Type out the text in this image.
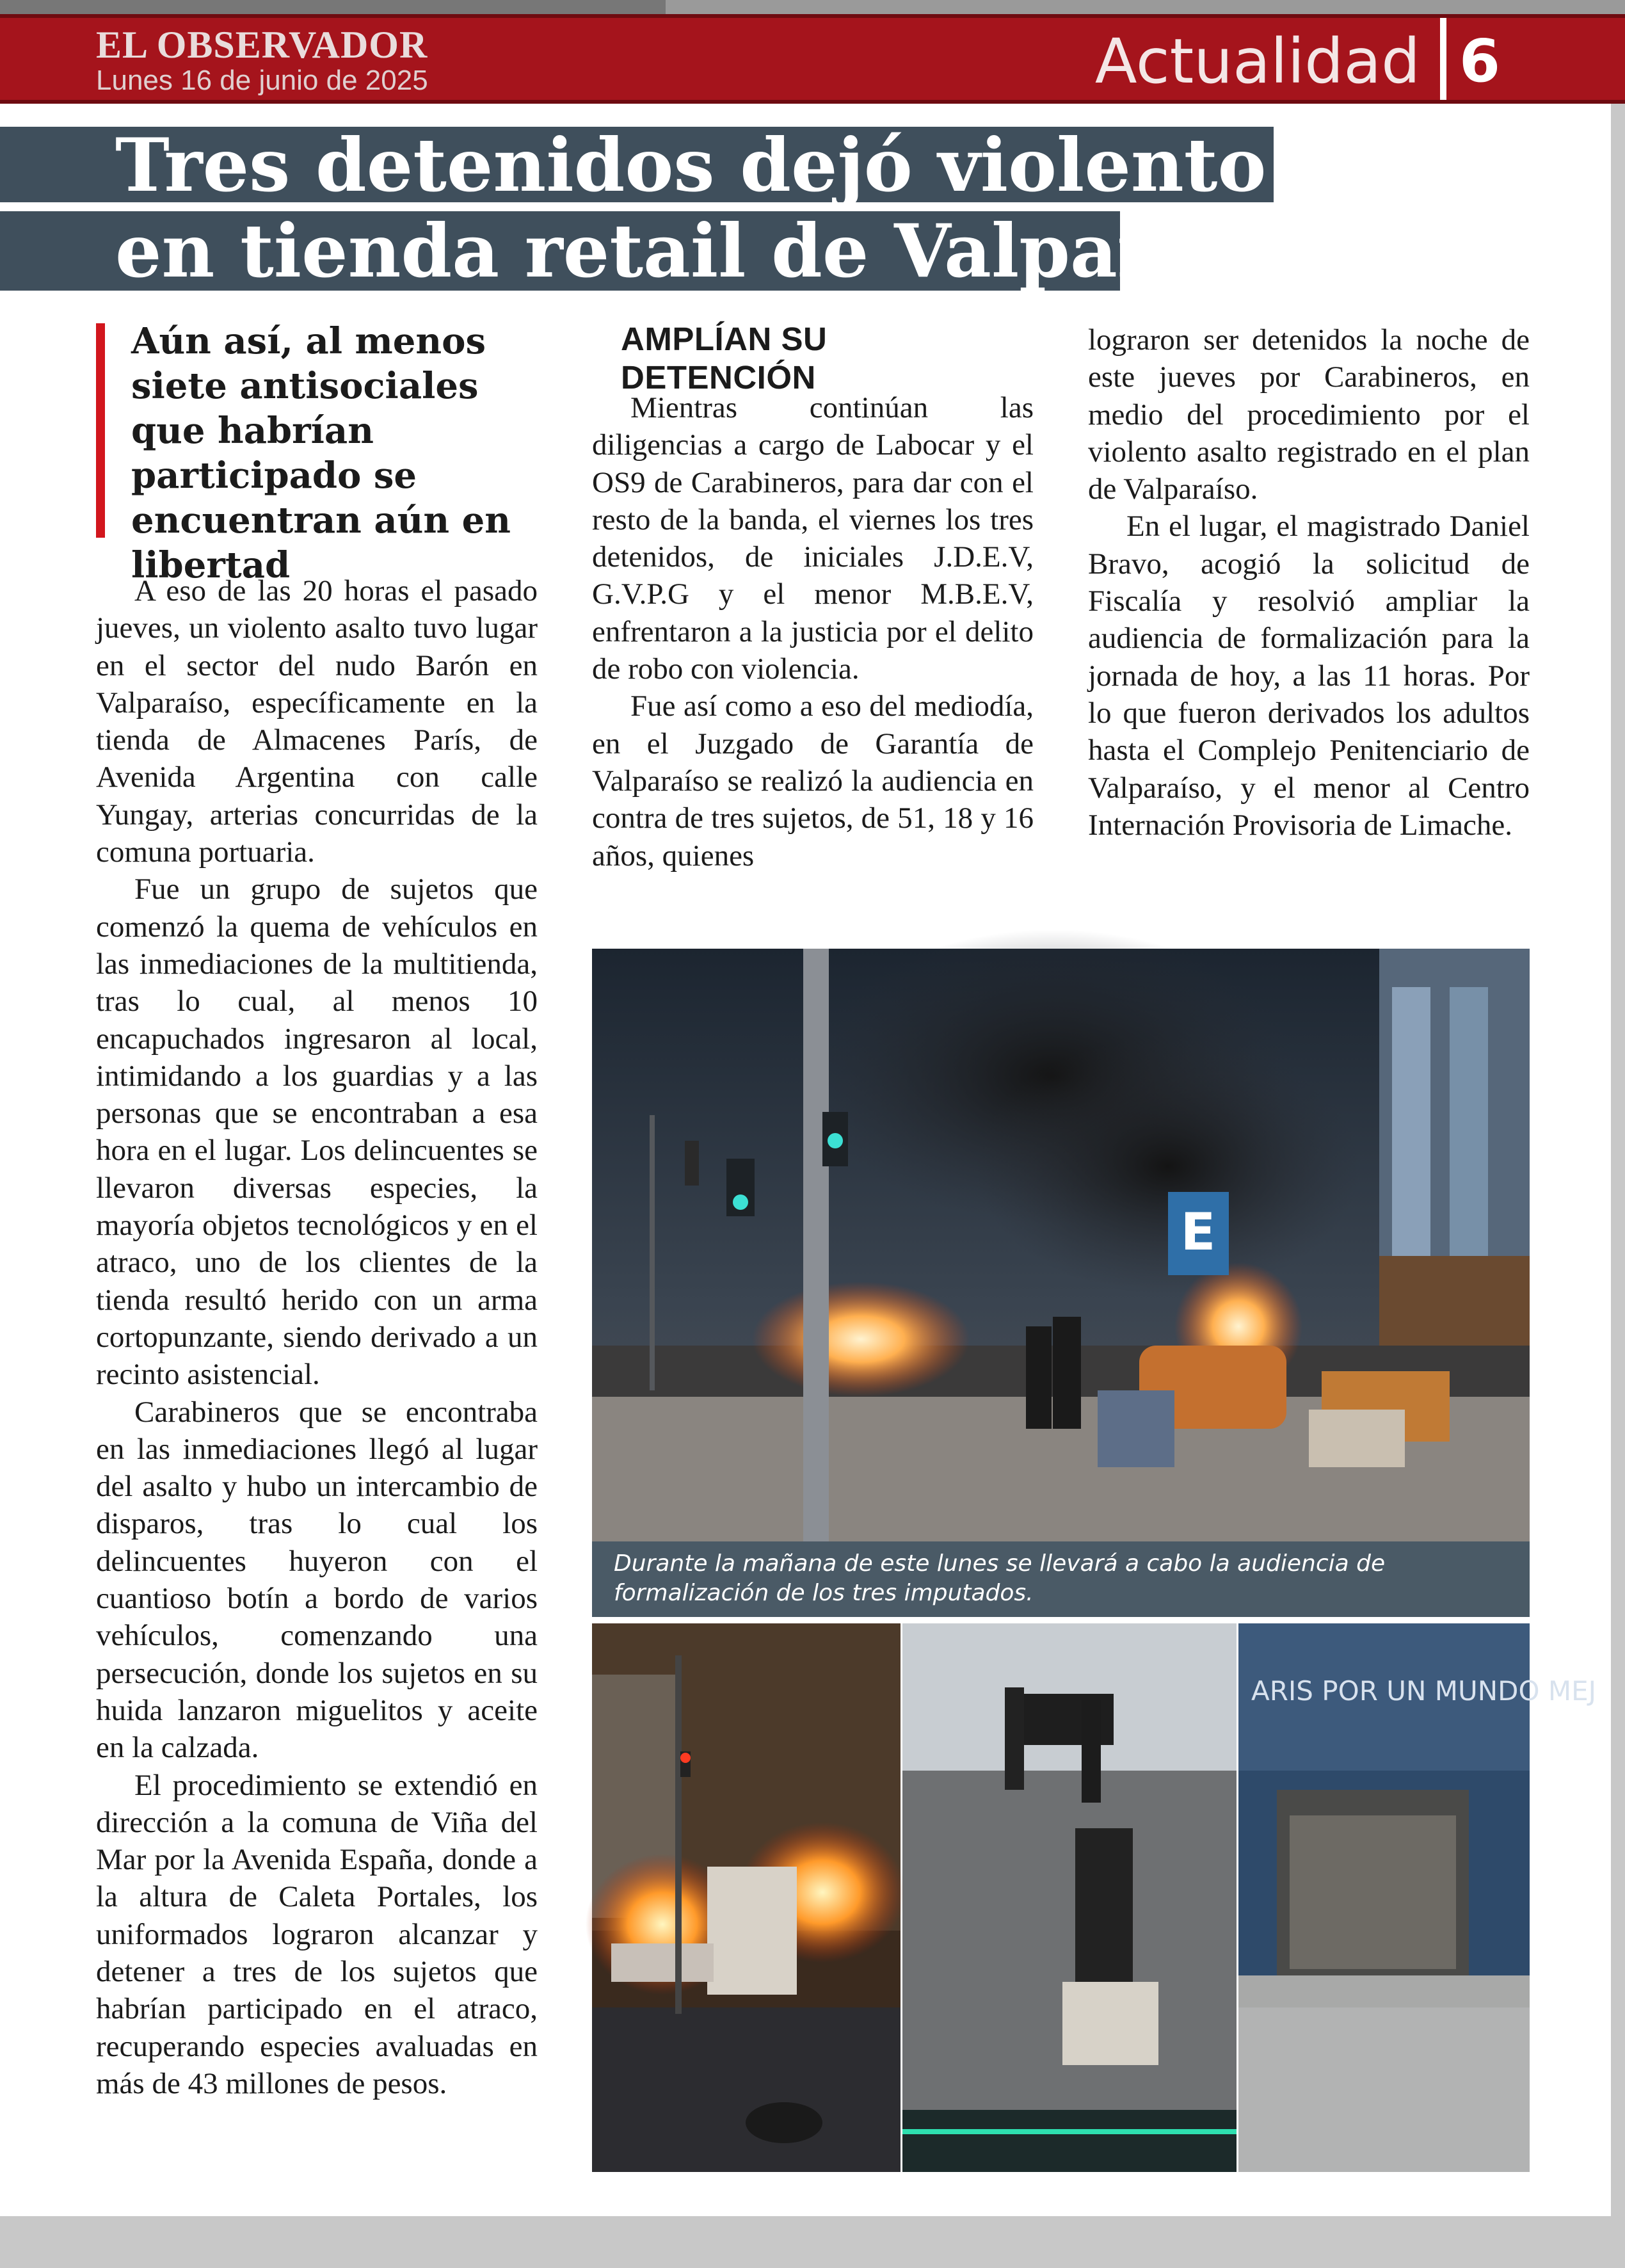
EL OBSERVADOR
Lunes 16 de junio de 2025	Actualidad 6
Tres detenidos dejó violento asalto
en tienda retail de Valparaíso
Aún así, al menos siete antisociales que habrían participado se encuentran aún en libertad

A eso de las 20 horas el pasado jueves, un violento asalto tuvo lugar en el sector del nudo Barón en Valparaíso, específicamente en la tienda de Almacenes París, de Avenida Argentina con calle Yungay, arterias concurridas de la comuna portuaria.

Fue un grupo de sujetos que comenzó la quema de vehículos en las inmediaciones de la multitienda, tras lo cual, al menos 10 encapuchados ingresaron al local, intimidando a los guardias y a las personas que se encontraban a esa hora en el lugar. Los delincuentes se llevaron diversas especies, la mayoría objetos tecnológicos y en el atraco, uno de los clientes de la tienda resultó herido con un arma cortopunzante, siendo derivado a un recinto asistencial.

Carabineros que se encontraba en las inmediaciones llegó al lugar del asalto y hubo un intercambio de disparos, tras lo cual los delincuentes huyeron con el cuantioso botín a bordo de varios vehículos, comenzando una persecución, donde los sujetos en su huida lanzaron miguelitos y aceite en la calzada.

El procedimiento se extendió en dirección a la comuna de Viña del Mar por la Avenida España, donde a la altura de Caleta Portales, los uniformados lograron alcanzar y detener a tres de los sujetos que habrían participado en el atraco, recuperando especies avaluadas en más de 43 millones de pesos.

AMPLÍAN SU DETENCIÓN

Mientras continúan las diligencias a cargo de Labocar y el OS9 de Carabineros, para dar con el resto de la banda, el viernes los tres detenidos, de iniciales J.D.E.V, G.V.P.G y el menor M.B.E.V, enfrentaron a la justicia por el delito de robo con violencia.

Fue así como a eso del mediodía, en el Juzgado de Garantía de Valparaíso se realizó la audiencia en contra de tres sujetos, de 51, 18 y 16 años, quienes

lograron ser detenidos la noche de este jueves por Carabineros, en medio del procedimiento por el violento asalto registrado en el plan de Valparaíso.

En el lugar, el magistrado Daniel Bravo, acogió la solicitud de Fiscalía y resolvió ampliar la audiencia de formalización para la jornada de hoy, a las 11 horas. Por lo que fueron derivados los adultos hasta el Complejo Penitenciario de Valparaíso, y el menor al Centro Internación Provisoria de Limache.

E
Durante la mañana de este lunes se llevará a cabo la audiencia de formalización de los tres imputados.
ARIS POR UN MUNDO MEJ
